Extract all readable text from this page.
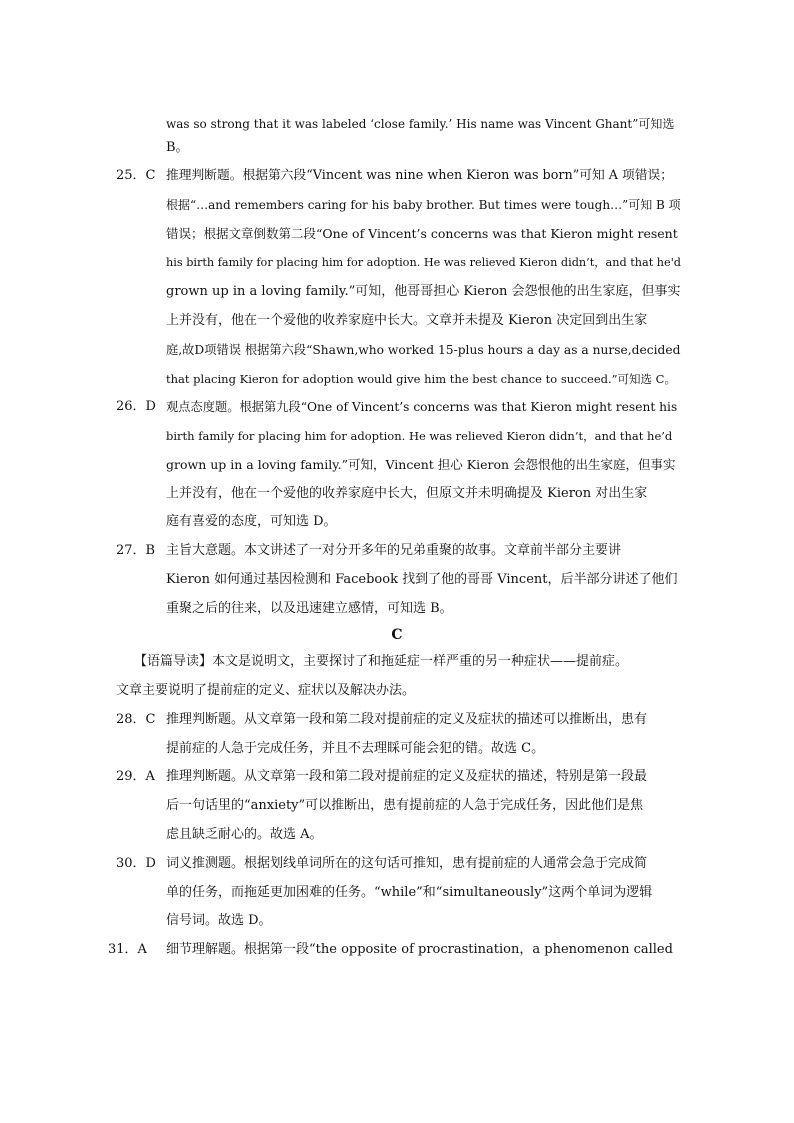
was so strong that it was labeled ‘close family.’ His name was Vincent Ghant”可知选
B。
25．C 推理判断题。根据第六段“Vincent was nine when Kieron was born”可知 A 项错误；
根据“…and remembers caring for his baby brother. But times were tough…”可知 B 项
错误；根据文章倒数第二段“One of Vincent’s concerns was that Kieron might resent
his birth family for placing him for adoption. He was relieved Kieron didn’t，and that he'd
grown up in a loving family.”可知，他哥哥担心 Kieron 会怨恨他的出生家庭，但事实
上并没有，他在一个爱他的收养家庭中长大。文章并未提及 Kieron 决定回到出生家
庭,故D项错误 根据第六段“Shawn,who worked 15-plus hours a day as a nurse,decided
that placing Kieron for adoption would give him the best chance to succeed.”可知选 C。
26．D 观点态度题。根据第九段“One of Vincent’s concerns was that Kieron might resent his
birth family for placing him for adoption. He was relieved Kieron didn’t，and that he’d
grown up in a loving family.”可知，Vincent 担心 Kieron 会怨恨他的出生家庭，但事实
上并没有，他在一个爱他的收养家庭中长大，但原文并未明确提及 Kieron 对出生家
庭有喜爱的态度，可知选 D。
27．B 主旨大意题。本文讲述了一对分开多年的兄弟重聚的故事。文章前半部分主要讲
Kieron 如何通过基因检测和 Facebook 找到了他的哥哥 Vincent，后半部分讲述了他们
重聚之后的往来，以及迅速建立感情，可知选 B。
C
【语篇导读】本文是说明文，主要探讨了和拖延症一样严重的另一种症状——提前症。
文章主要说明了提前症的定义、症状以及解决办法。
28．C 推理判断题。从文章第一段和第二段对提前症的定义及症状的描述可以推断出，患有
提前症的人急于完成任务，并且不去理睬可能会犯的错。故选 C。
29．A 推理判断题。从文章第一段和第二段对提前症的定义及症状的描述，特别是第一段最
后一句话里的“anxiety”可以推断出，患有提前症的人急于完成任务，因此他们是焦
虑且缺乏耐心的。故选 A。
30．D 词义推测题。根据划线单词所在的这句话可推知，患有提前症的人通常会急于完成简
单的任务，而拖延更加困难的任务。“while”和“simultaneously”这两个单词为逻辑
信号词。故选 D。
31．A 细节理解题。根据第一段“the opposite of procrastination，a phenomenon called
